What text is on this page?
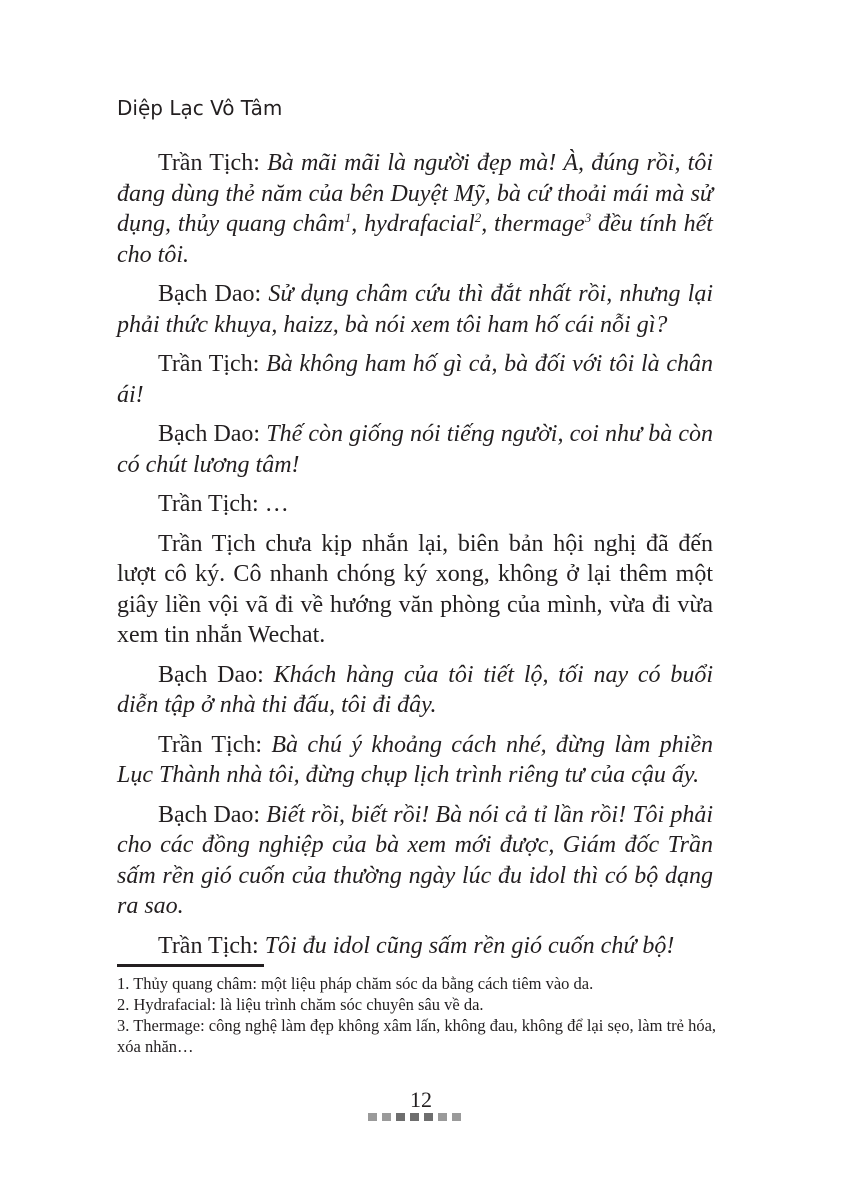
Diệp Lạc Vô Tâm

Trần Tịch: Bà mãi mãi là người đẹp mà! À, đúng rồi, tôi đang dùng thẻ năm của bên Duyệt Mỹ, bà cứ thoải mái mà sử dụng, thủy quang châm$^1$, hydrafacial$^2$, thermage$^3$ đều tính hết cho tôi.

Bạch Dao: Sử dụng châm cứu thì đắt nhất rồi, nhưng lại phải thức khuya, haizz, bà nói xem tôi ham hố cái nỗi gì?

Trần Tịch: Bà không ham hố gì cả, bà đối với tôi là chân ái!

Bạch Dao: Thế còn giống nói tiếng người, coi như bà còn có chút lương tâm!

Trần Tịch: …

Trần Tịch chưa kịp nhắn lại, biên bản hội nghị đã đến lượt cô ký. Cô nhanh chóng ký xong, không ở lại thêm một giây liền vội vã đi về hướng văn phòng của mình, vừa đi vừa xem tin nhắn Wechat.

Bạch Dao: Khách hàng của tôi tiết lộ, tối nay có buổi diễn tập ở nhà thi đấu, tôi đi đây.

Trần Tịch: Bà chú ý khoảng cách nhé, đừng làm phiền Lục Thành nhà tôi, đừng chụp lịch trình riêng tư của cậu ấy.

Bạch Dao: Biết rồi, biết rồi! Bà nói cả tỉ lần rồi! Tôi phải cho các đồng nghiệp của bà xem mới được, Giám đốc Trần sấm rền gió cuốn của thường ngày lúc đu idol thì có bộ dạng ra sao.

Trần Tịch: Tôi đu idol cũng sấm rền gió cuốn chứ bộ!

1. Thủy quang châm: một liệu pháp chăm sóc da bằng cách tiêm vào da.

2. Hydrafacial: là liệu trình chăm sóc chuyên sâu về da.

3. Thermage: công nghệ làm đẹp không xâm lấn, không đau, không để lại sẹo, làm trẻ hóa, xóa nhăn…

12
